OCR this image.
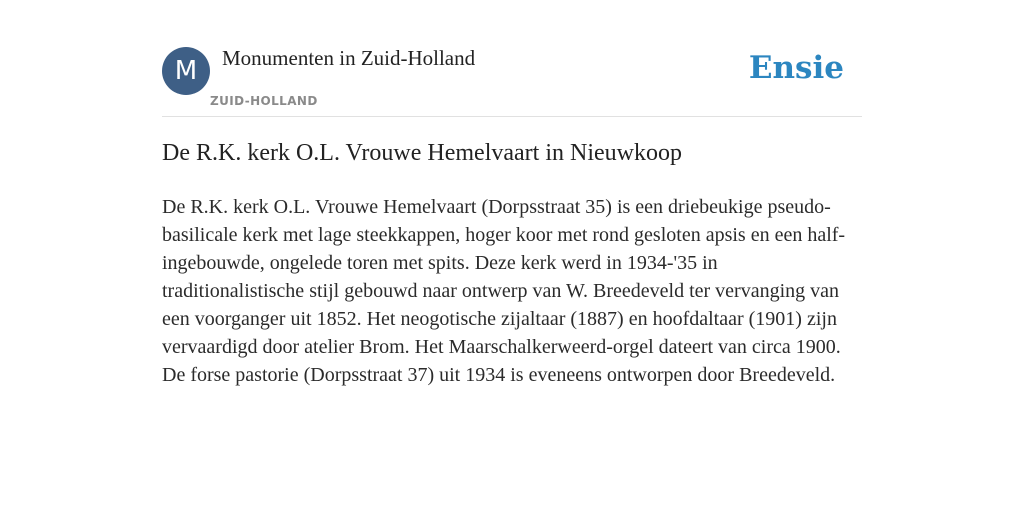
M	Monumenten in Zuid-Holland
ZUID-HOLLAND
Ensie
De R.K. kerk O.L. Vrouwe Hemelvaart in Nieuwkoop

De R.K. kerk O.L. Vrouwe Hemelvaart (Dorpsstraat 35) is een driebeukige pseudo-basilicale kerk met lage steekkappen, hoger koor met rond gesloten apsis en een half-ingebouwde, ongelede toren met spits. Deze kerk werd in 1934-'35 in traditionalistische stijl gebouwd naar ontwerp van W. Breedeveld ter vervanging van een voorganger uit 1852. Het neogotische zijaltaar (1887) en hoofdaltaar (1901) zijn vervaardigd door atelier Brom. Het Maarschalkerweerd-orgel dateert van circa 1900. De forse pastorie (Dorpsstraat 37) uit 1934 is eveneens ontworpen door Breedeveld.
